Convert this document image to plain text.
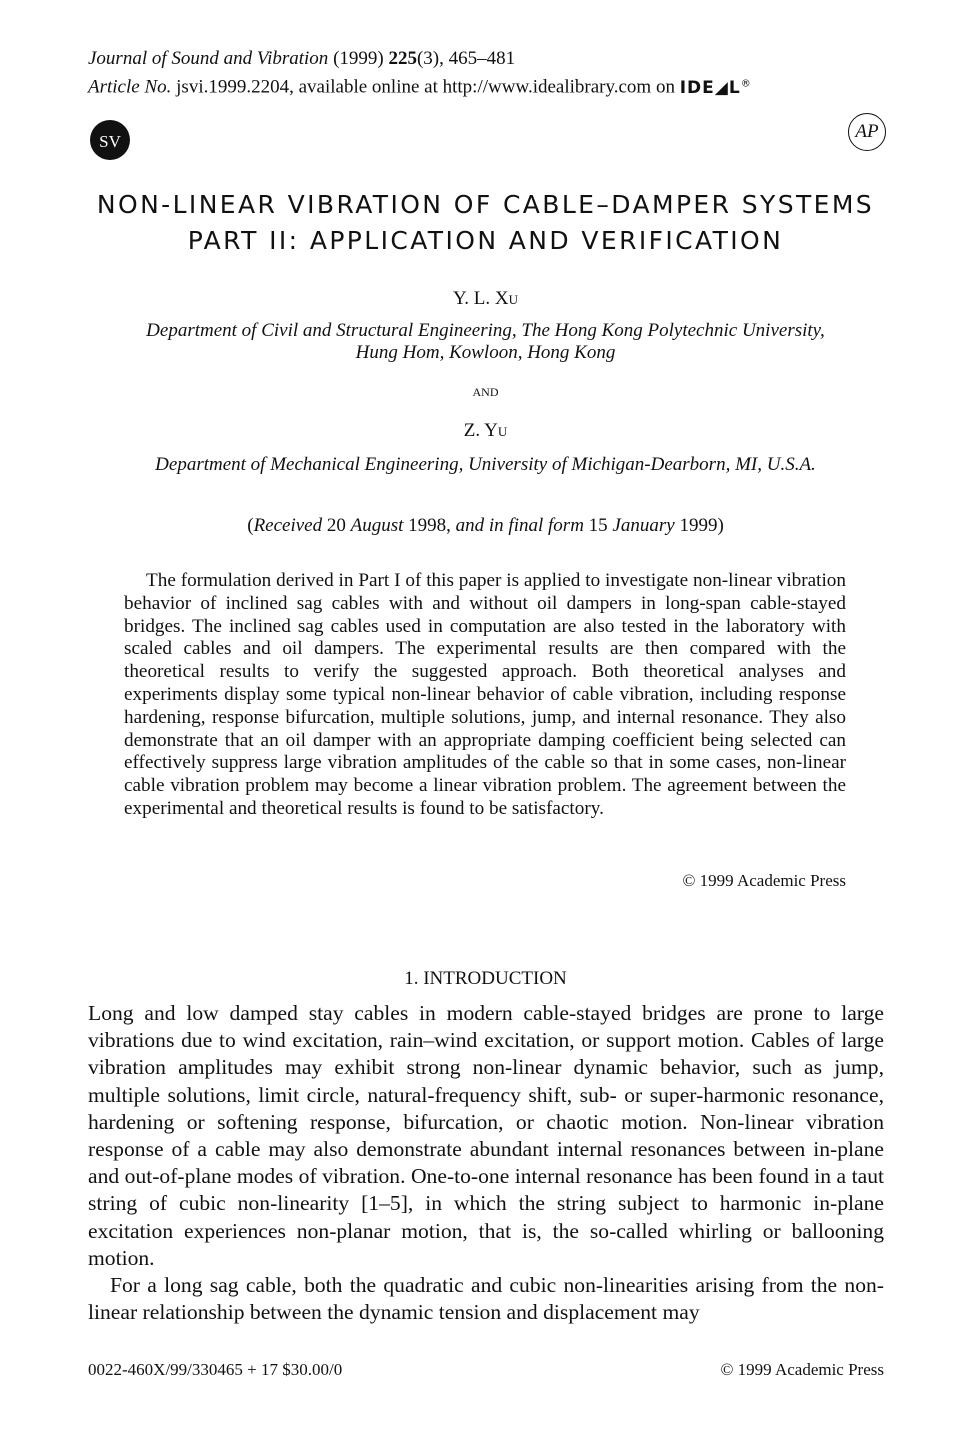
Journal of Sound and Vibration (1999) 225(3), 465–481
Article No. jsvi.1999.2204, available online at http://www.idealibrary.com on IDE◢L®
SV	AP
NON-LINEAR VIBRATION OF CABLE–DAMPER SYSTEMS
PART II: APPLICATION AND VERIFICATION
Y. L. Xu
Department of Civil and Structural Engineering, The Hong Kong Polytechnic University,
Hung Hom, Kowloon, Hong Kong
and
Z. Yu
Department of Mechanical Engineering, University of Michigan-Dearborn, MI, U.S.A.
(Received 20 August 1998, and in final form 15 January 1999)

The formulation derived in Part I of this paper is applied to investigate non-linear vibration behavior of inclined sag cables with and without oil dampers in long-span cable-stayed bridges. The inclined sag cables used in computation are also tested in the laboratory with scaled cables and oil dampers. The experimental results are then compared with the theoretical results to verify the suggested approach. Both theoretical analyses and experiments display some typical non-linear behavior of cable vibration, including response hardening, response bifurcation, multiple solutions, jump, and internal resonance. They also demonstrate that an oil damper with an appropriate damping coefficient being selected can effectively suppress large vibration amplitudes of the cable so that in some cases, non-linear cable vibration problem may become a linear vibration problem. The agreement between the experimental and theoretical results is found to be satisfactory.

© 1999 Academic Press
1. INTRODUCTION

Long and low damped stay cables in modern cable-stayed bridges are prone to large vibrations due to wind excitation, rain–wind excitation, or support motion. Cables of large vibration amplitudes may exhibit strong non-linear dynamic behavior, such as jump, multiple solutions, limit circle, natural-frequency shift, sub- or super-harmonic resonance, hardening or softening response, bifurcation, or chaotic motion. Non-linear vibration response of a cable may also demonstrate abundant internal resonances between in-plane and out-of-plane modes of vibration. One-to-one internal resonance has been found in a taut string of cubic non-linearity [1–5], in which the string subject to harmonic in-plane excitation experiences non-planar motion, that is, the so-called whirling or ballooning motion.

For a long sag cable, both the quadratic and cubic non-linearities arising from the non-linear relationship between the dynamic tension and displacement may

0022-460X/99/330465 + 17 $30.00/0	© 1999 Academic Press
